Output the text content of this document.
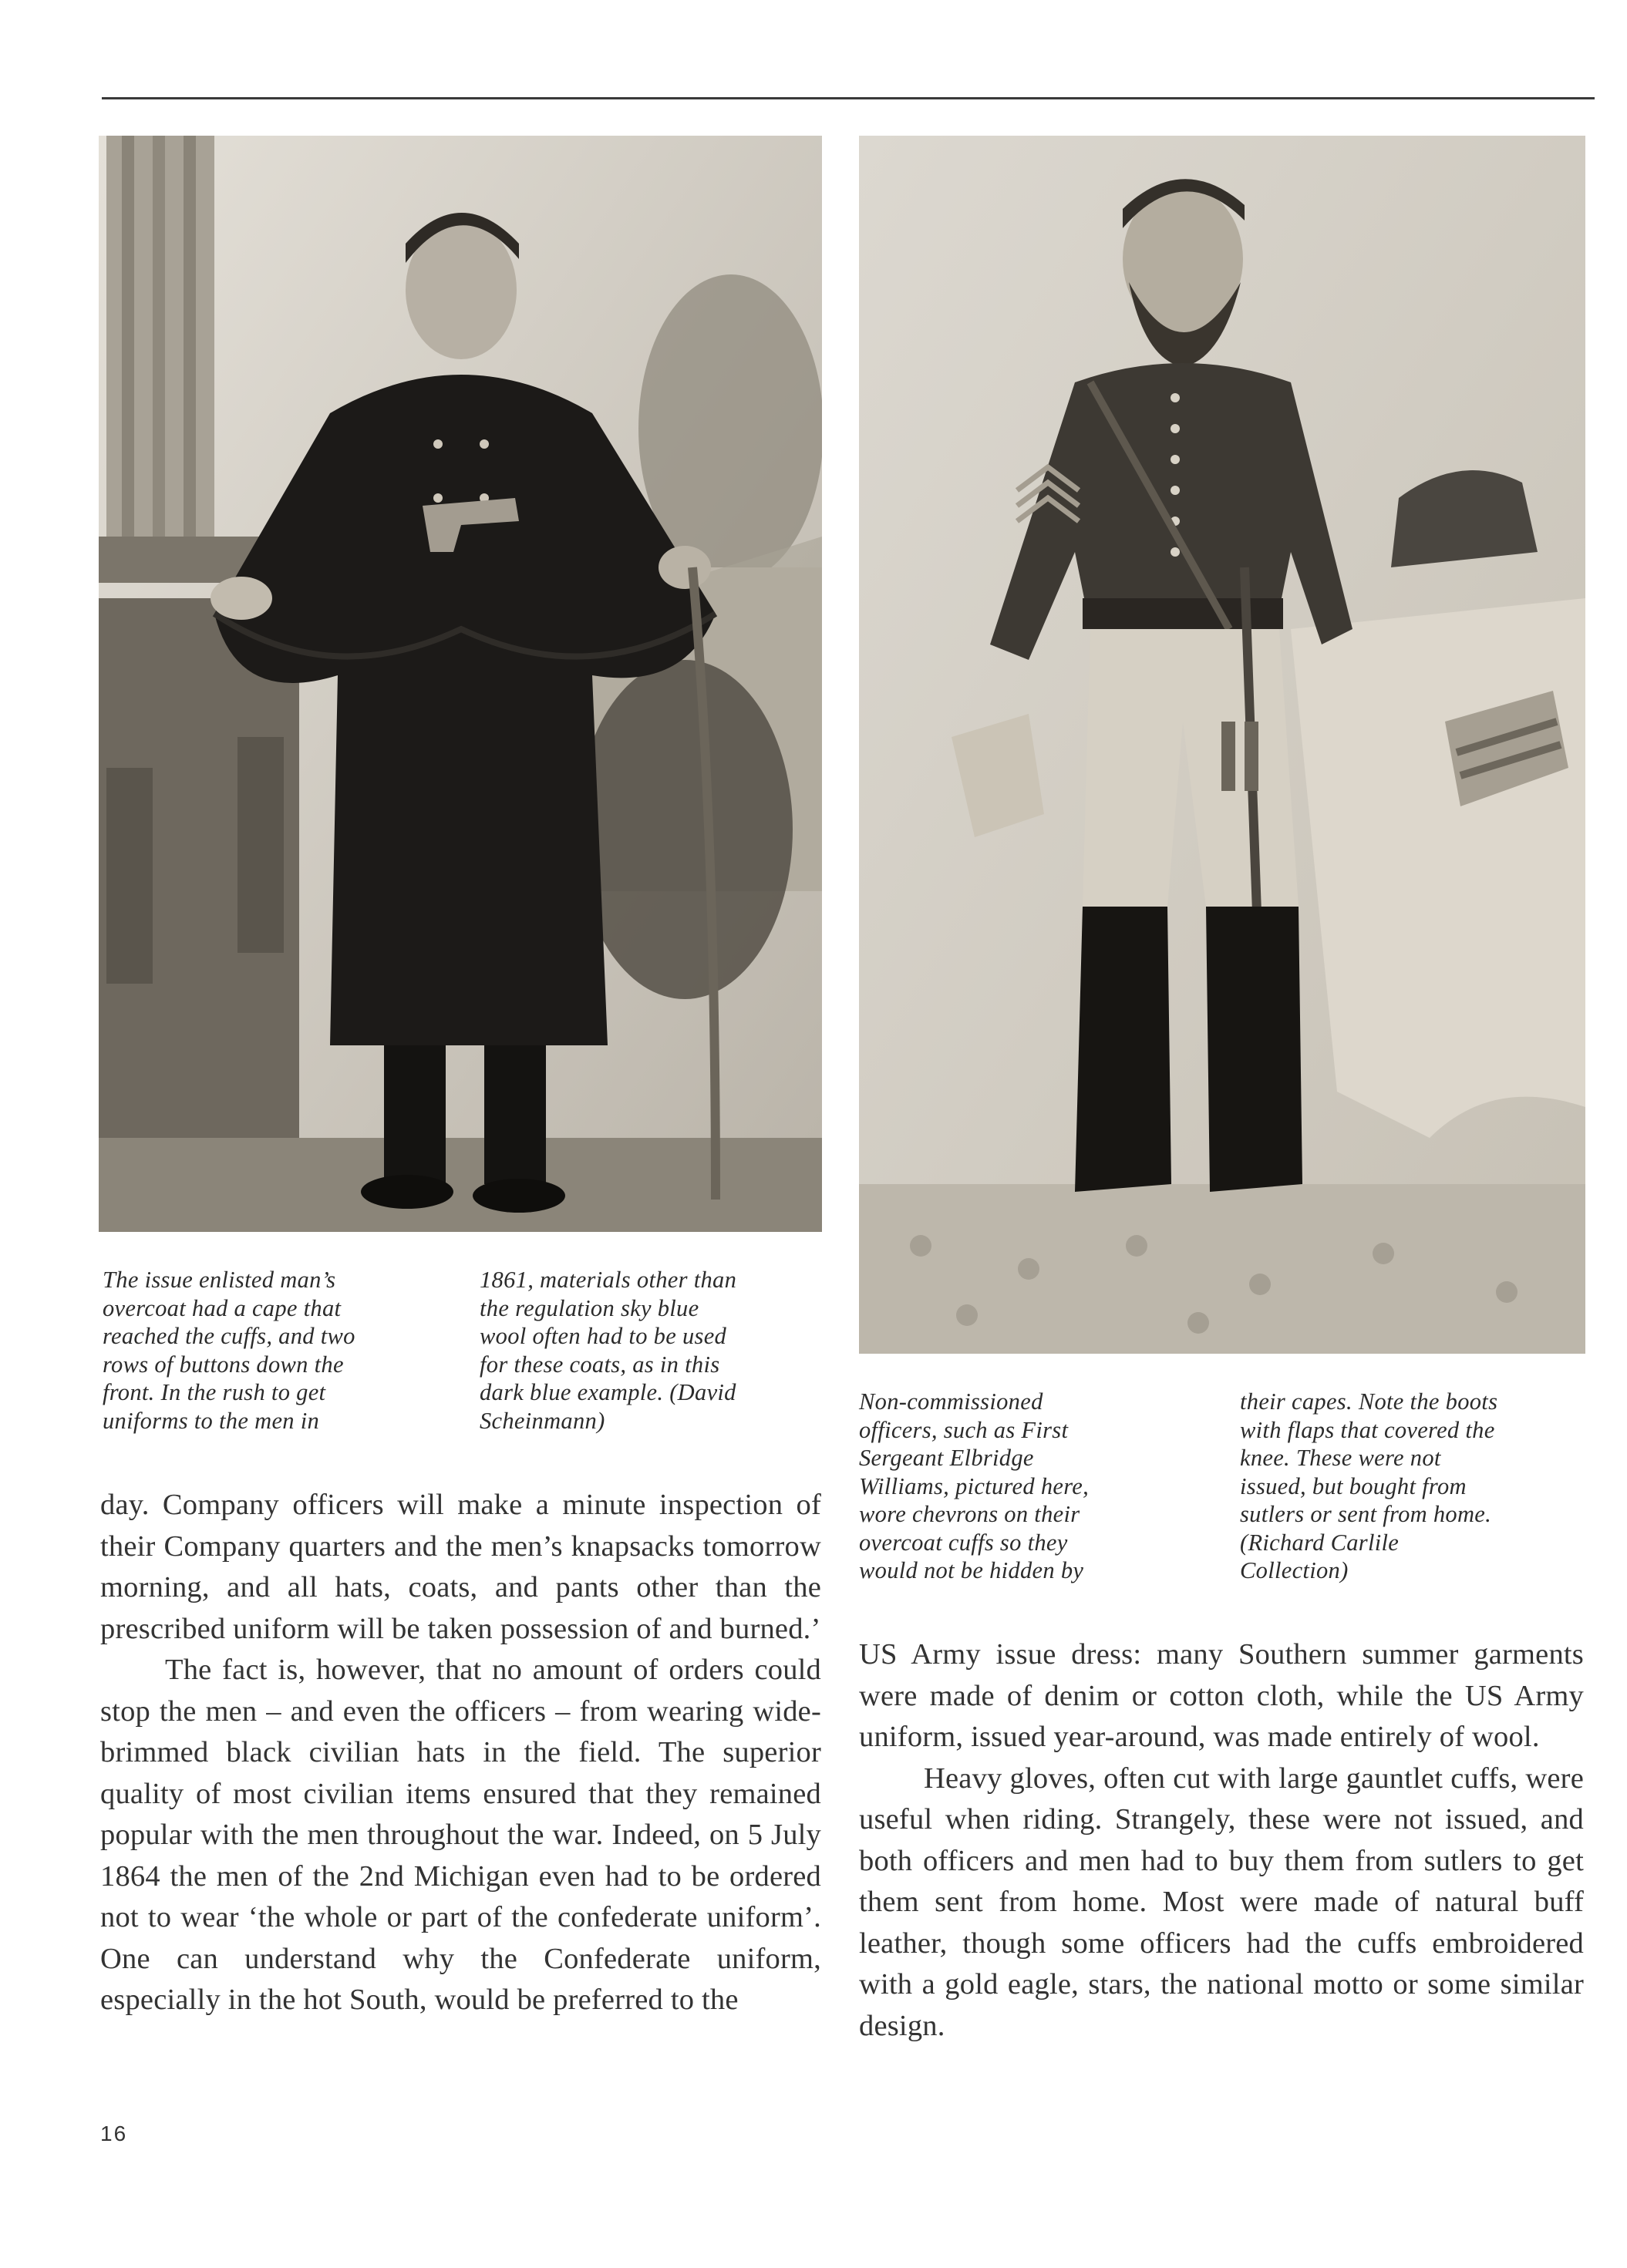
The issue enlisted man’s
overcoat had a cape that
reached the cuffs, and two
rows of buttons down the
front. In the rush to get
uniforms to the men in
1861, materials other than
the regulation sky blue
wool often had to be used
for these coats, as in this
dark blue example. (David
Scheinmann)
Non-commissioned
officers, such as First
Sergeant Elbridge
Williams, pictured here,
wore chevrons on their
overcoat cuffs so they
would not be hidden by
their capes. Note the boots
with flaps that covered the
knee. These were not
issued, but bought from
sutlers or sent from home.
(Richard Carlile
Collection)

day. Company officers will make a minute inspection of their Company quarters and the men’s knapsacks tomorrow morning, and all hats, coats, and pants other than the prescribed uniform will be taken possession of and burned.’

The fact is, however, that no amount of orders could stop the men – and even the officers – from wearing wide-brimmed black civilian hats in the field. The superior quality of most civilian items ensured that they remained popular with the men throughout the war. Indeed, on 5 July 1864 the men of the 2nd Michigan even had to be ordered not to wear ‘the whole or part of the confederate uniform’. One can understand why the Confederate uniform, especially in the hot South, would be preferred to the

US Army issue dress: many Southern summer garments were made of denim or cotton cloth, while the US Army uniform, issued year-around, was made entirely of wool.

Heavy gloves, often cut with large gauntlet cuffs, were useful when riding. Strangely, these were not issued, and both officers and men had to buy them from sutlers to get them sent from home. Most were made of natural buff leather, though some officers had the cuffs embroidered with a gold eagle, stars, the national motto or some similar design.

16
